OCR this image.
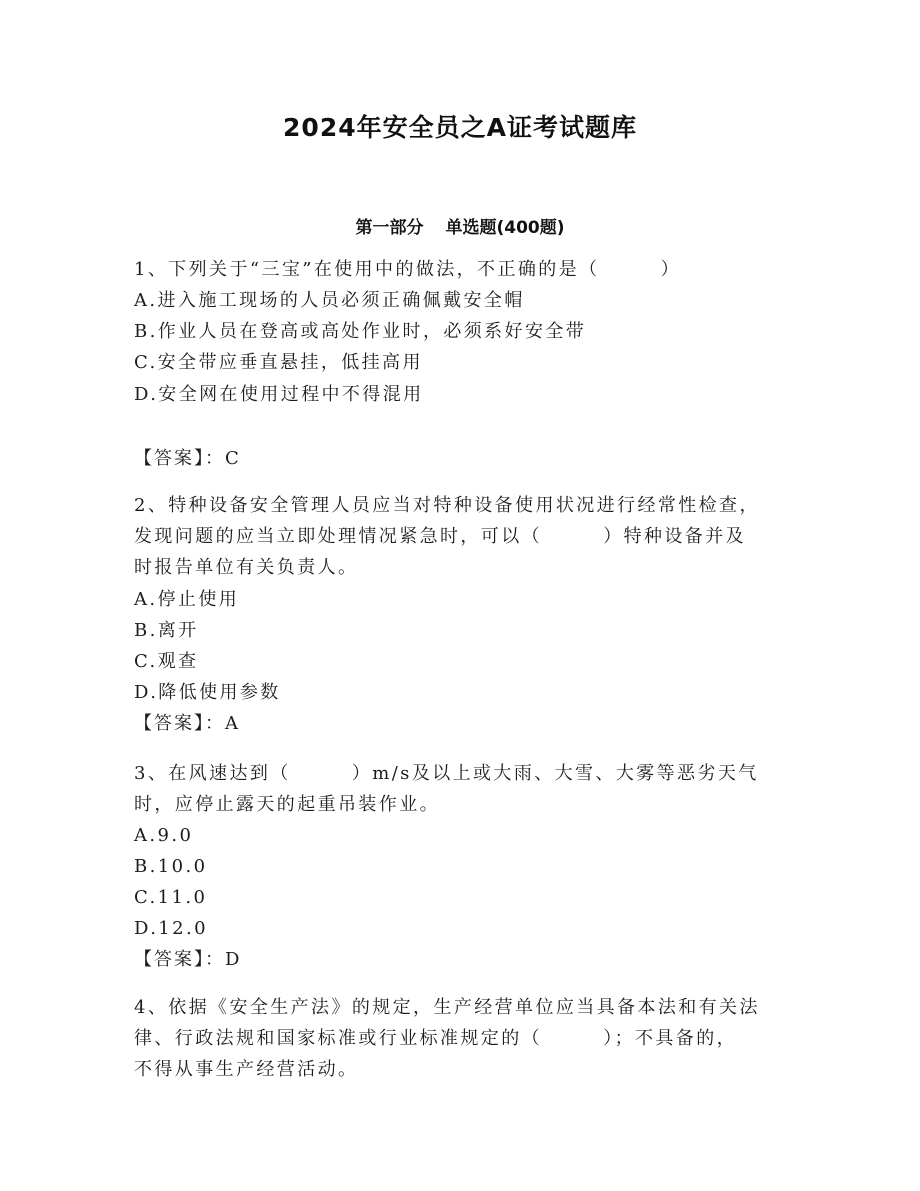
2024年安全员之A证考试题库
第一部分 单选题(400题)
1、下列关于“三宝”在使用中的做法，不正确的是（　　　）
A.进入施工现场的人员必须正确佩戴安全帽
B.作业人员在登高或高处作业时，必须系好安全带
C.安全带应垂直悬挂，低挂高用
D.安全网在使用过程中不得混用
【答案】：C
2、特种设备安全管理人员应当对特种设备使用状况进行经常性检查，
发现问题的应当立即处理情况紧急时，可以（　　　）特种设备并及
时报告单位有关负责人。
A.停止使用
B.离开
C.观查
D.降低使用参数
【答案】：A
3、在风速达到（　　　）m/s及以上或大雨、大雪、大雾等恶劣天气
时，应停止露天的起重吊装作业。
A.9.0
B.10.0
C.11.0
D.12.0
【答案】：D
4、依据《安全生产法》的规定，生产经营单位应当具备本法和有关法
律、行政法规和国家标准或行业标准规定的（　　　）；不具备的，
不得从事生产经营活动。
